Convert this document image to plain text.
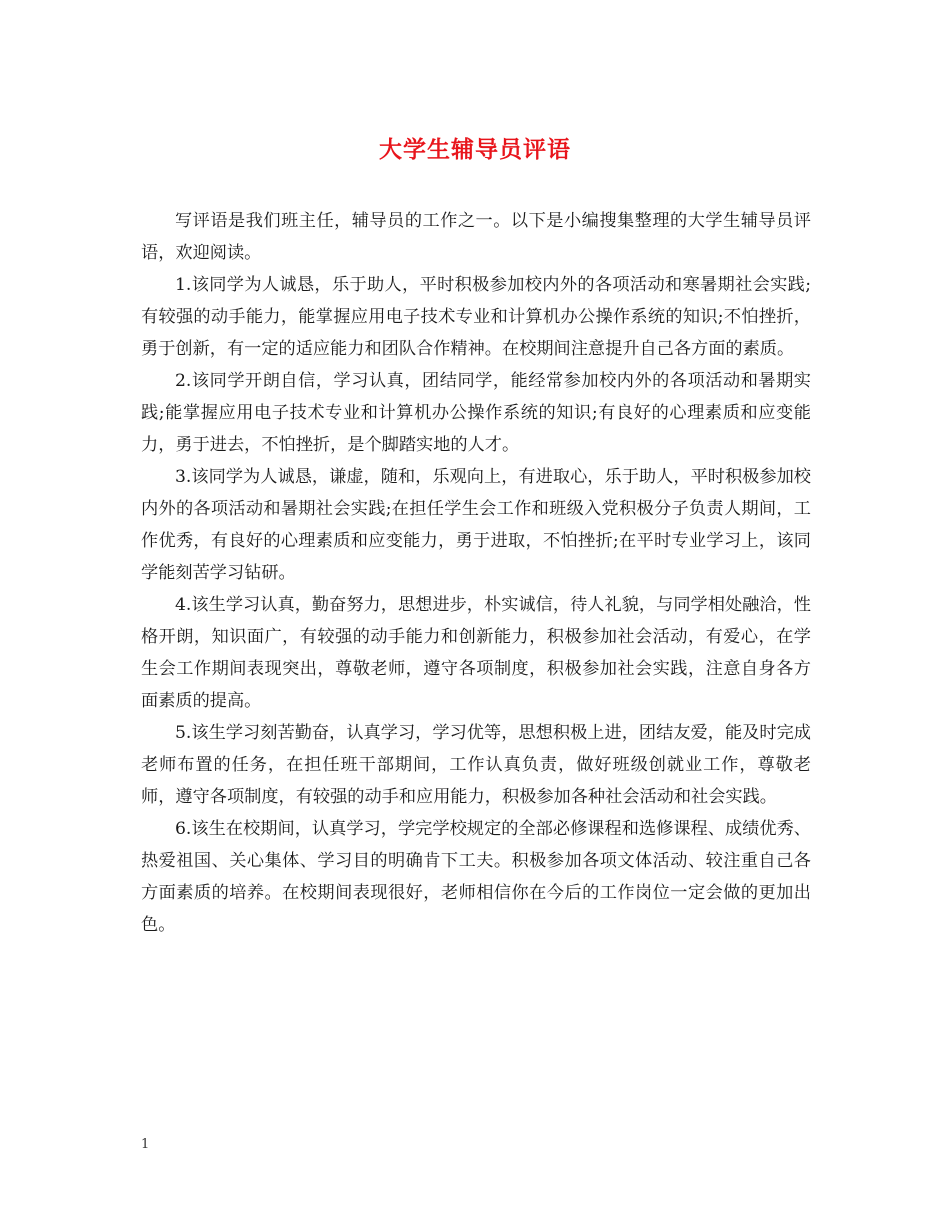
大学生辅导员评语

写评语是我们班主任，辅导员的工作之一。以下是小编搜集整理的大学生辅导员评语，欢迎阅读。

1.该同学为人诚恳，乐于助人，平时积极参加校内外的各项活动和寒暑期社会实践;有较强的动手能力，能掌握应用电子技术专业和计算机办公操作系统的知识;不怕挫折，勇于创新，有一定的适应能力和团队合作精神。在校期间注意提升自己各方面的素质。

2.该同学开朗自信，学习认真，团结同学，能经常参加校内外的各项活动和暑期实践;能掌握应用电子技术专业和计算机办公操作系统的知识;有良好的心理素质和应变能力，勇于进去，不怕挫折，是个脚踏实地的人才。

3.该同学为人诚恳，谦虚，随和，乐观向上，有进取心，乐于助人，平时积极参加校内外的各项活动和暑期社会实践;在担任学生会工作和班级入党积极分子负责人期间，工作优秀，有良好的心理素质和应变能力，勇于进取，不怕挫折;在平时专业学习上，该同学能刻苦学习钻研。

4.该生学习认真，勤奋努力，思想进步，朴实诚信，待人礼貌，与同学相处融洽，性格开朗，知识面广，有较强的动手能力和创新能力，积极参加社会活动，有爱心，在学生会工作期间表现突出，尊敬老师，遵守各项制度，积极参加社会实践，注意自身各方面素质的提高。

5.该生学习刻苦勤奋，认真学习，学习优等，思想积极上进，团结友爱，能及时完成老师布置的任务，在担任班干部期间，工作认真负责，做好班级创就业工作，尊敬老师，遵守各项制度，有较强的动手和应用能力，积极参加各种社会活动和社会实践。

6.该生在校期间，认真学习，学完学校规定的全部必修课程和选修课程、成绩优秀、热爱祖国、关心集体、学习目的明确肯下工夫。积极参加各项文体活动、较注重自己各方面素质的培养。在校期间表现很好，老师相信你在今后的工作岗位一定会做的更加出色。

1
